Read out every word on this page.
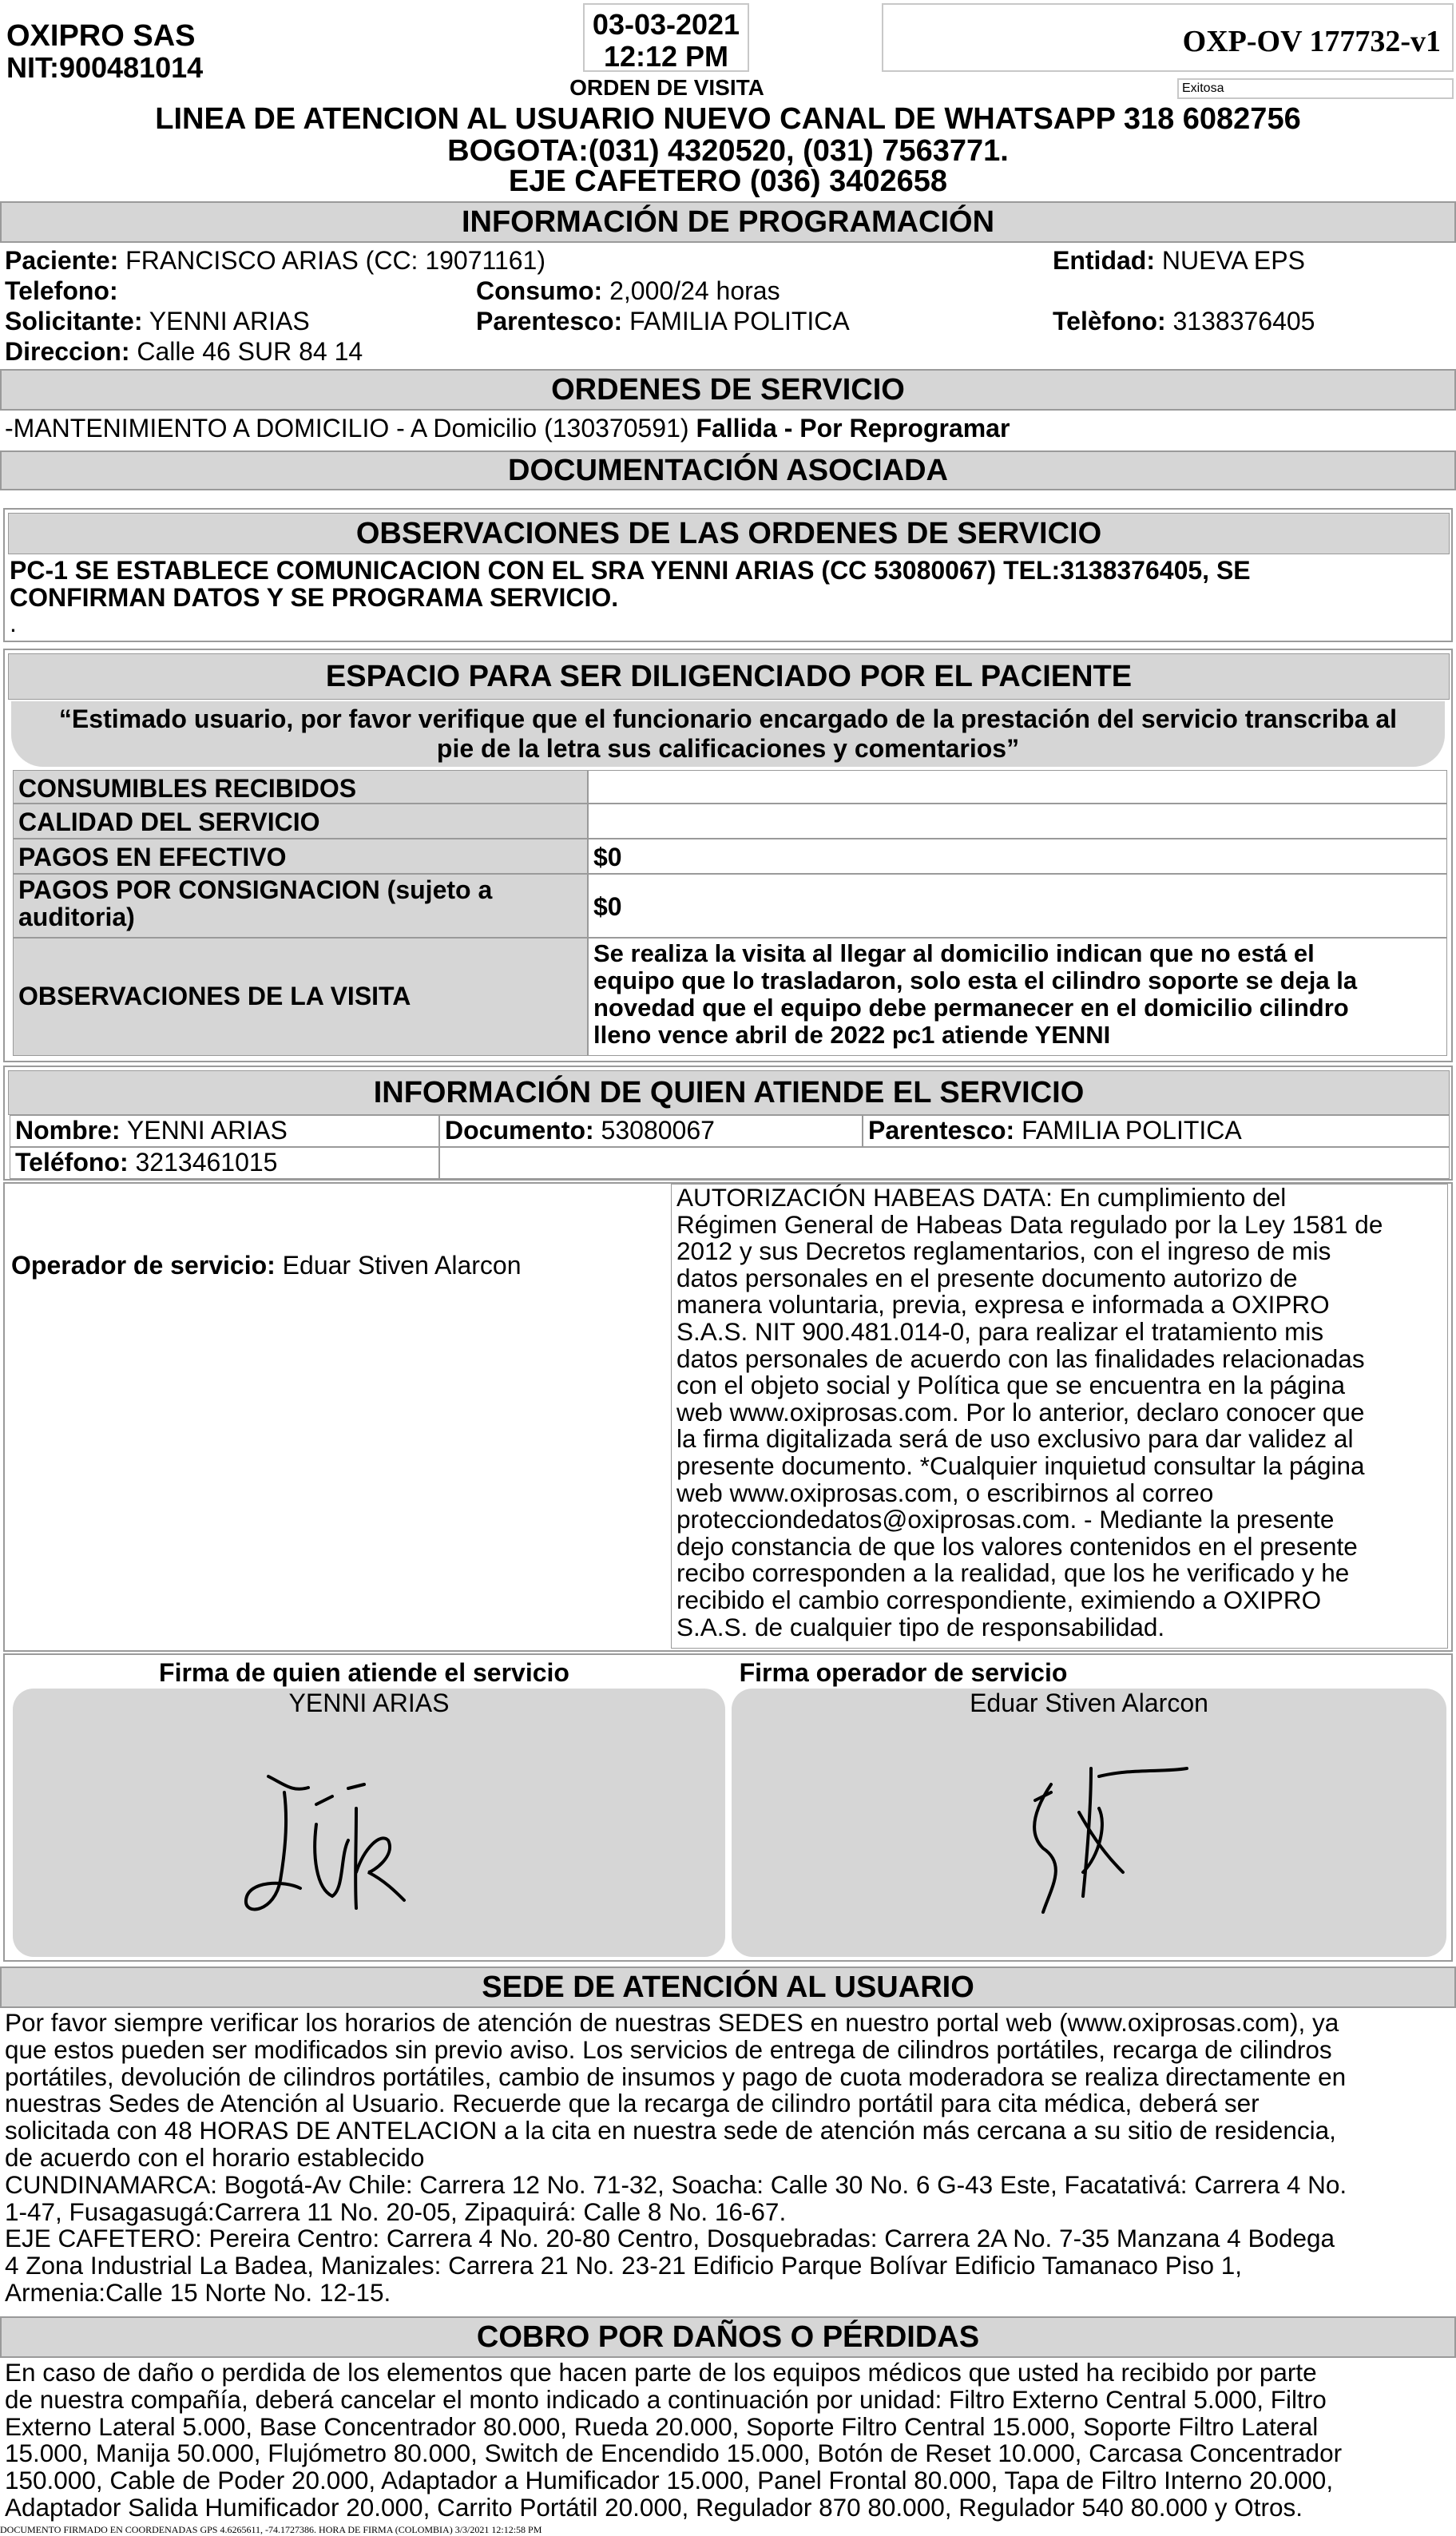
OXIPRO SAS
NIT:900481014
03-03-2021
12:12 PM
ORDEN DE VISITA
OXP-OV 177732-v1
Exitosa
LINEA DE ATENCION AL USUARIO NUEVO CANAL DE WHATSAPP 318 6082756
BOGOTA:(031) 4320520, (031) 7563771.
EJE CAFETERO (036) 3402658
INFORMACIÓN DE PROGRAMACIÓN
Paciente: FRANCISCO ARIAS (CC: 19071161)	Entidad: NUEVA EPS
Telefono:	Consumo: 2,000/24 horas
Solicitante: YENNI ARIAS	Parentesco: FAMILIA POLITICA	Telèfono: 3138376405
Direccion: Calle 46 SUR 84 14
ORDENES DE SERVICIO
-MANTENIMIENTO A DOMICILIO - A Domicilio (130370591) Fallida - Por Reprogramar
DOCUMENTACIÓN ASOCIADA
OBSERVACIONES DE LAS ORDENES DE SERVICIO
PC-1 SE ESTABLECE COMUNICACION CON EL SRA YENNI ARIAS (CC 53080067) TEL:3138376405, SE
CONFIRMAN DATOS Y SE PROGRAMA SERVICIO.
.
ESPACIO PARA SER DILIGENCIADO POR EL PACIENTE
“Estimado usuario, por favor verifique que el funcionario encargado de la prestación del servicio transcriba al
pie de la letra sus calificaciones y comentarios”
CONSUMIBLES RECIBIDOS
CALIDAD DEL SERVICIO
PAGOS EN EFECTIVO	$0
PAGOS POR CONSIGNACION (sujeto a auditoria)	$0
OBSERVACIONES DE LA VISITA
Se realiza la visita al llegar al domicilio indican que no está el
equipo que lo trasladaron, solo esta el cilindro soporte se deja la
novedad que el equipo debe permanecer en el domicilio cilindro
lleno vence abril de 2022 pc1 atiende YENNI
INFORMACIÓN DE QUIEN ATIENDE EL SERVICIO
Nombre: YENNI ARIAS	Documento: 53080067	Parentesco: FAMILIA POLITICA
Teléfono: 3213461015
Operador de servicio: Eduar Stiven Alarcon
AUTORIZACIÓN HABEAS DATA: En cumplimiento del
Régimen General de Habeas Data regulado por la Ley 1581 de
2012 y sus Decretos reglamentarios, con el ingreso de mis
datos personales en el presente documento autorizo de
manera voluntaria, previa, expresa e informada a OXIPRO
S.A.S. NIT 900.481.014-0, para realizar el tratamiento mis
datos personales de acuerdo con las finalidades relacionadas
con el objeto social y Política que se encuentra en la página
web www.oxiprosas.com. Por lo anterior, declaro conocer que
la firma digitalizada será de uso exclusivo para dar validez al
presente documento. *Cualquier inquietud consultar la página
web www.oxiprosas.com, o escribirnos al correo
protecciondedatos@oxiprosas.com. - Mediante la presente
dejo constancia de que los valores contenidos en el presente
recibo corresponden a la realidad, que los he verificado y he
recibido el cambio correspondiente, eximiendo a OXIPRO
S.A.S. de cualquier tipo de responsabilidad.
Firma de quien atiende el servicio	Firma operador de servicio
YENNI ARIAS	Eduar Stiven Alarcon
SEDE DE ATENCIÓN AL USUARIO
Por favor siempre verificar los horarios de atención de nuestras SEDES en nuestro portal web (www.oxiprosas.com), ya
que estos pueden ser modificados sin previo aviso. Los servicios de entrega de cilindros portátiles, recarga de cilindros
portátiles, devolución de cilindros portátiles, cambio de insumos y pago de cuota moderadora se realiza directamente en
nuestras Sedes de Atención al Usuario. Recuerde que la recarga de cilindro portátil para cita médica, deberá ser
solicitada con 48 HORAS DE ANTELACION a la cita en nuestra sede de atención más cercana a su sitio de residencia,
de acuerdo con el horario establecido
CUNDINAMARCA: Bogotá-Av Chile: Carrera 12 No. 71-32, Soacha: Calle 30 No. 6 G-43 Este, Facatativá: Carrera 4 No.
1-47, Fusagasugá:Carrera 11 No. 20-05, Zipaquirá: Calle 8 No. 16-67.
EJE CAFETERO: Pereira Centro: Carrera 4 No. 20-80 Centro, Dosquebradas: Carrera 2A No. 7-35 Manzana 4 Bodega
4 Zona Industrial La Badea, Manizales: Carrera 21 No. 23-21 Edificio Parque Bolívar Edificio Tamanaco Piso 1,
Armenia:Calle 15 Norte No. 12-15.
COBRO POR DAÑOS O PÉRDIDAS
En caso de daño o perdida de los elementos que hacen parte de los equipos médicos que usted ha recibido por parte
de nuestra compañía, deberá cancelar el monto indicado a continuación por unidad: Filtro Externo Central 5.000, Filtro
Externo Lateral 5.000, Base Concentrador 80.000, Rueda 20.000, Soporte Filtro Central 15.000, Soporte Filtro Lateral
15.000, Manija 50.000, Flujómetro 80.000, Switch de Encendido 15.000, Botón de Reset 10.000, Carcasa Concentrador
150.000, Cable de Poder 20.000, Adaptador a Humificador 15.000, Panel Frontal 80.000, Tapa de Filtro Interno 20.000,
Adaptador Salida Humificador 20.000, Carrito Portátil 20.000, Regulador 870 80.000, Regulador 540 80.000 y Otros.
DOCUMENTO FIRMADO EN COORDENADAS GPS 4.6265611, -74.1727386. HORA DE FIRMA (COLOMBIA) 3/3/2021 12:12:58 PM
